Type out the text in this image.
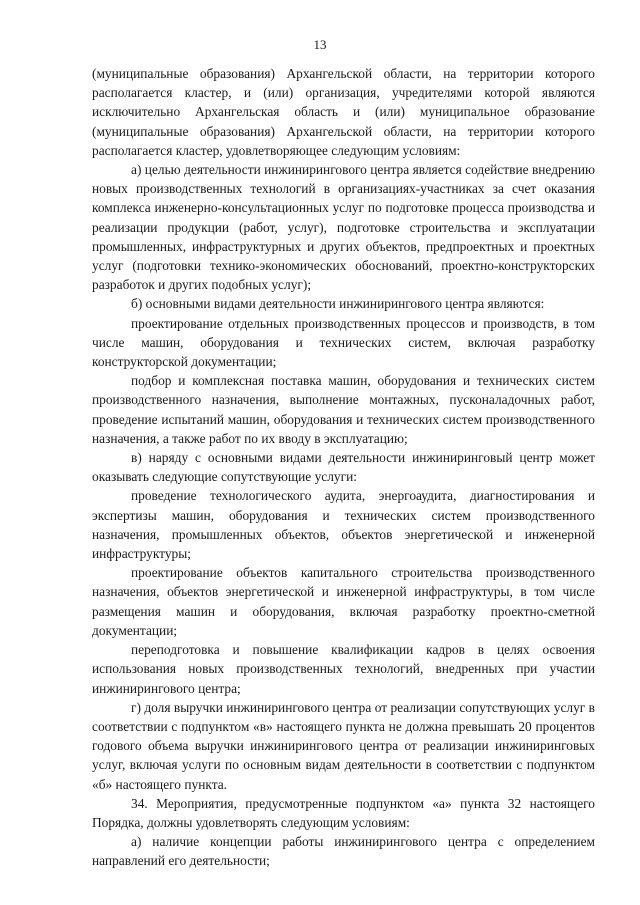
13

(муниципальные образования) Архангельской области, на территории которого располагается кластер, и (или) организация, учредителями которой являются исключительно Архангельская область и (или) муниципальное образование (муниципальные образования) Архангельской области, на территории которого располагается кластер, удовлетворяющее следующим условиям:

а) целью деятельности инжинирингового центра является содействие внедрению новых производственных технологий в организациях-участниках за счет оказания комплекса инженерно-консультационных услуг по подготовке процесса производства и реализации продукции (работ, услуг), подготовке строительства и эксплуатации промышленных, инфраструктурных и других объектов, предпроектных и проектных услуг (подготовки технико-экономических обоснований, проектно-конструкторских разработок и других подобных услуг);

б) основными видами деятельности инжинирингового центра являются:

проектирование отдельных производственных процессов и производств, в том числе машин, оборудования и технических систем, включая разработку конструкторской документации;

подбор и комплексная поставка машин, оборудования и технических систем производственного назначения, выполнение монтажных, пусконаладочных работ, проведение испытаний машин, оборудования и технических систем производственного назначения, а также работ по их вводу в эксплуатацию;

в) наряду с основными видами деятельности инжиниринговый центр может оказывать следующие сопутствующие услуги:

проведение технологического аудита, энергоаудита, диагностирования и экспертизы машин, оборудования и технических систем производственного назначения, промышленных объектов, объектов энергетической и инженерной инфраструктуры;

проектирование объектов капитального строительства производственного назначения, объектов энергетической и инженерной инфраструктуры, в том числе размещения машин и оборудования, включая разработку проектно-сметной документации;

переподготовка и повышение квалификации кадров в целях освоения использования новых производственных технологий, внедренных при участии инжинирингового центра;

г) доля выручки инжинирингового центра от реализации сопутствующих услуг в соответствии с подпунктом «в» настоящего пункта не должна превышать 20 процентов годового объема выручки инжинирингового центра от реализации инжиниринговых услуг, включая услуги по основным видам деятельности в соответствии с подпунктом «б» настоящего пункта.

34. Мероприятия, предусмотренные подпунктом «а» пункта 32 настоящего Порядка, должны удовлетворять следующим условиям:

а) наличие концепции работы инжинирингового центра с определением направлений его деятельности;
